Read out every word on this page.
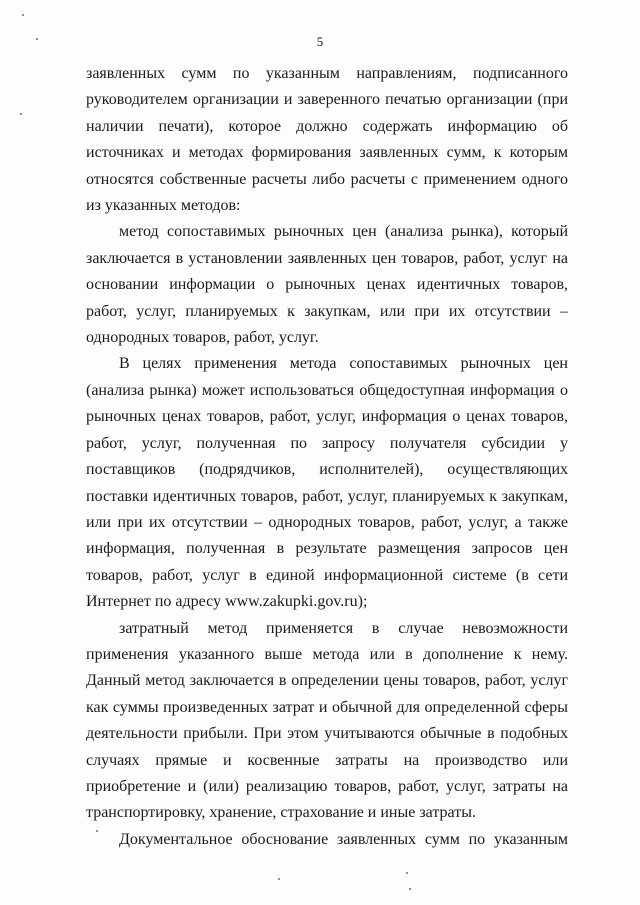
5

заявленных сумм по указанным направлениям, подписанного руководителем организации и заверенного печатью организации (при наличии печати), которое должно содержать информацию об источниках и методах формирования заявленных сумм, к которым относятся собственные расчеты либо расчеты с применением одного из указанных методов:

метод сопоставимых рыночных цен (анализа рынка), который заключается в установлении заявленных цен товаров, работ, услуг на основании информации о рыночных ценах идентичных товаров, работ, услуг, планируемых к закупкам, или при их отсутствии – однородных товаров, работ, услуг.

В целях применения метода сопоставимых рыночных цен (анализа рынка) может использоваться общедоступная информация о рыночных ценах товаров, работ, услуг, информация о ценах товаров, работ, услуг, полученная по запросу получателя субсидии у поставщиков (подрядчиков, исполнителей), осуществляющих поставки идентичных товаров, работ, услуг, планируемых к закупкам, или при их отсутствии – однородных товаров, работ, услуг, а также информация, полученная в результате размещения запросов цен товаров, работ, услуг в единой информационной системе (в сети Интернет по адресу www.zakupki.gov.ru);

затратный метод применяется в случае невозможности применения указанного выше метода или в дополнение к нему. Данный метод заключается в определении цены товаров, работ, услуг как суммы произведенных затрат и обычной для определенной сферы деятельности прибыли. При этом учитываются обычные в подобных случаях прямые и косвенные затраты на производство или приобретение и (или) реализацию товаров, работ, услуг, затраты на транспортировку, хранение, страхование и иные затраты.

Документальное обоснование заявленных сумм по указанным
